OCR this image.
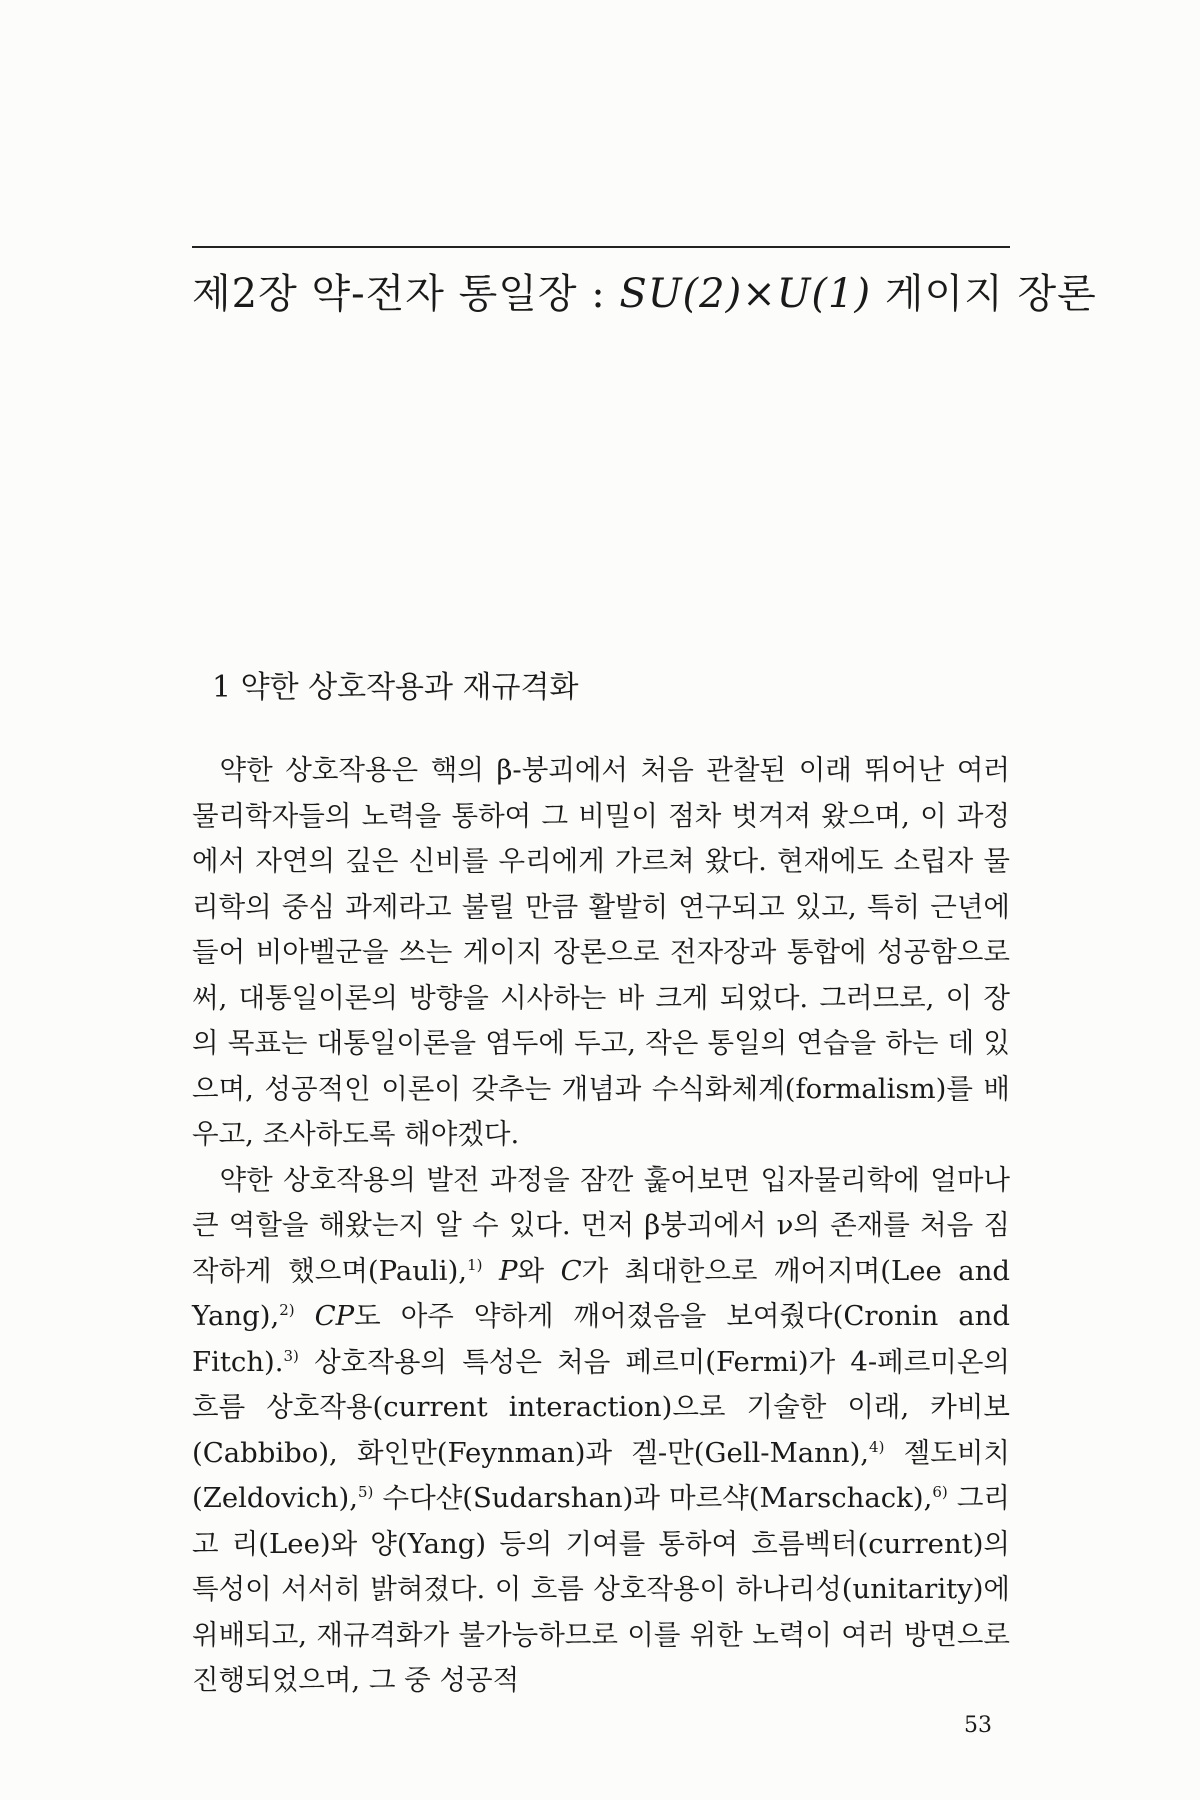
제2장 약-전자 통일장 : SU(2)×U(1) 게이지 장론
1 약한 상호작용과 재규격화

약한 상호작용은 핵의 β-붕괴에서 처음 관찰된 이래 뛰어난 여러 물리학자들의 노력을 통하여 그 비밀이 점차 벗겨져 왔으며, 이 과정에서 자연의 깊은 신비를 우리에게 가르쳐 왔다. 현재에도 소립자 물리학의 중심 과제라고 불릴 만큼 활발히 연구되고 있고, 특히 근년에 들어 비아벨군을 쓰는 게이지 장론으로 전자장과 통합에 성공함으로써, 대통일이론의 방향을 시사하는 바 크게 되었다. 그러므로, 이 장의 목표는 대통일이론을 염두에 두고, 작은 통일의 연습을 하는 데 있으며, 성공적인 이론이 갖추는 개념과 수식화체계(formalism)를 배우고, 조사하도록 해야겠다.

약한 상호작용의 발전 과정을 잠깐 훑어보면 입자물리학에 얼마나 큰 역할을 해왔는지 알 수 있다. 먼저 β붕괴에서 ν의 존재를 처음 짐작하게 했으며(Pauli),$^{1)}$ P와 C가 최대한으로 깨어지며(Lee and Yang),$^{2)}$ CP도 아주 약하게 깨어졌음을 보여줬다(Cronin and Fitch).$^{3)}$ 상호작용의 특성은 처음 페르미(Fermi)가 4-페르미온의 흐름 상호작용(current interaction)으로 기술한 이래, 카비보(Cabbibo), 화인만(Feynman)과 겔-만(Gell-Mann),$^{4)}$ 젤도비치(Zeldovich),$^{5)}$ 수다샨(Sudarshan)과 마르샥(Marschack),$^{6)}$ 그리고 리(Lee)와 양(Yang) 등의 기여를 통하여 흐름벡터(current)의 특성이 서서히 밝혀졌다. 이 흐름 상호작용이 하나리성(unitarity)에 위배되고, 재규격화가 불가능하므로 이를 위한 노력이 여러 방면으로 진행되었으며, 그 중 성공적

53
